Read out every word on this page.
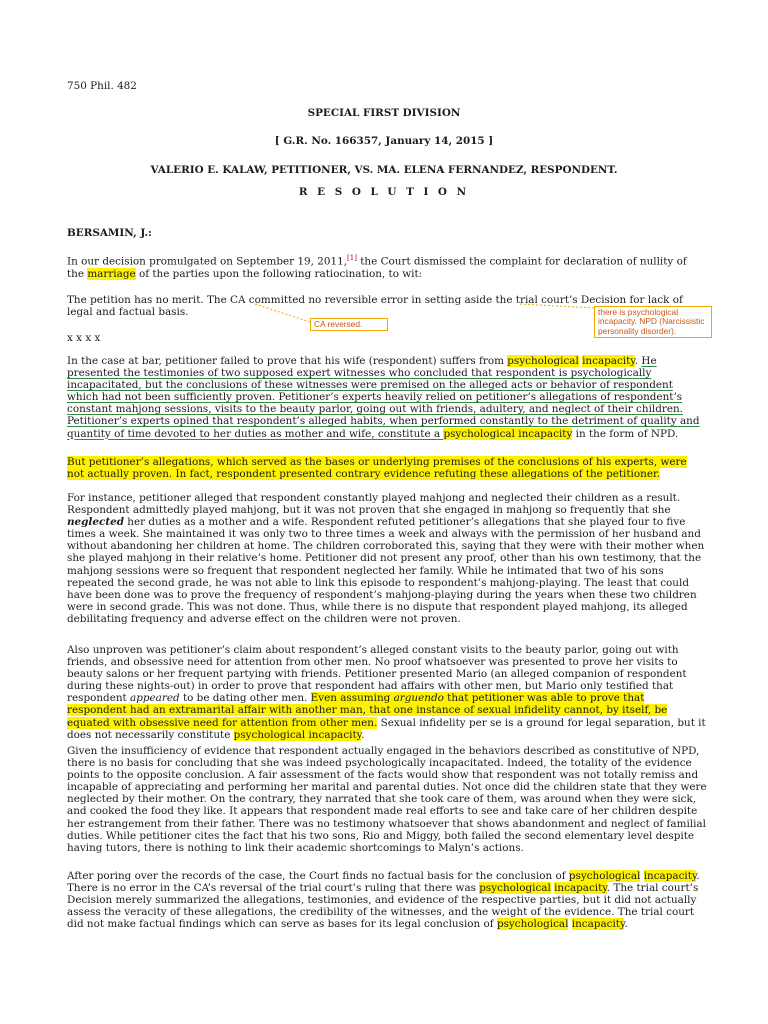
750 Phil. 482
SPECIAL FIRST DIVISION
[ G.R. No. 166357, January 14, 2015 ]
VALERIO E. KALAW, PETITIONER, VS. MA. ELENA FERNANDEZ, RESPONDENT.
R E S O L U T I O N
BERSAMIN, J.:

In our decision promulgated on September 19, 2011,[1] the Court dismissed the complaint for declaration of nullity of the marriage of the parties upon the following ratiocination, to wit:

The petition has no merit. The CA committed no reversible error in setting aside the trial court’s Decision for lack of legal and factual basis.

x x x x
CA reversed.
there is psychological incapacity. NPD (Narcissistic personality disorder).

In the case at bar, petitioner failed to prove that his wife (respondent) suffers from psychological incapacity. He presented the testimonies of two supposed expert witnesses who concluded that respondent is psychologically incapacitated, but the conclusions of these witnesses were premised on the alleged acts or behavior of respondent which had not been sufficiently proven. Petitioner’s experts heavily relied on petitioner’s allegations of respondent’s constant mahjong sessions, visits to the beauty parlor, going out with friends, adultery, and neglect of their children. Petitioner’s experts opined that respondent’s alleged habits, when performed constantly to the detriment of quality and quantity of time devoted to her duties as mother and wife, constitute a psychological incapacity in the form of NPD.

But petitioner’s allegations, which served as the bases or underlying premises of the conclusions of his experts, were not actually proven. In fact, respondent presented contrary evidence refuting these allegations of the petitioner.

For instance, petitioner alleged that respondent constantly played mahjong and neglected their children as a result. Respondent admittedly played mahjong, but it was not proven that she engaged in mahjong so frequently that she neglected her duties as a mother and a wife. Respondent refuted petitioner’s allegations that she played four to five times a week. She maintained it was only two to three times a week and always with the permission of her husband and without abandoning her children at home. The children corroborated this, saying that they were with their mother when she played mahjong in their relative’s home. Petitioner did not present any proof, other than his own testimony, that the mahjong sessions were so frequent that respondent neglected her family. While he intimated that two of his sons repeated the second grade, he was not able to link this episode to respondent’s mahjong-playing. The least that could have been done was to prove the frequency of respondent’s mahjong-playing during the years when these two children were in second grade. This was not done. Thus, while there is no dispute that respondent played mahjong, its alleged debilitating frequency and adverse effect on the children were not proven.

Also unproven was petitioner’s claim about respondent’s alleged constant visits to the beauty parlor, going out with friends, and obsessive need for attention from other men. No proof whatsoever was presented to prove her visits to beauty salons or her frequent partying with friends. Petitioner presented Mario (an alleged companion of respondent during these nights-out) in order to prove that respondent had affairs with other men, but Mario only testified that respondent appeared to be dating other men. Even assuming arguendo that petitioner was able to prove that respondent had an extramarital affair with another man, that one instance of sexual infidelity cannot, by itself, be equated with obsessive need for attention from other men. Sexual infidelity per se is a ground for legal separation, but it does not necessarily constitute psychological incapacity.

Given the insufficiency of evidence that respondent actually engaged in the behaviors described as constitutive of NPD, there is no basis for concluding that she was indeed psychologically incapacitated. Indeed, the totality of the evidence points to the opposite conclusion. A fair assessment of the facts would show that respondent was not totally remiss and incapable of appreciating and performing her marital and parental duties. Not once did the children state that they were neglected by their mother. On the contrary, they narrated that she took care of them, was around when they were sick, and cooked the food they like. It appears that respondent made real efforts to see and take care of her children despite her estrangement from their father. There was no testimony whatsoever that shows abandonment and neglect of familial duties. While petitioner cites the fact that his two sons, Rio and Miggy, both failed the second elementary level despite having tutors, there is nothing to link their academic shortcomings to Malyn’s actions.

After poring over the records of the case, the Court finds no factual basis for the conclusion of psychological incapacity. There is no error in the CA’s reversal of the trial court’s ruling that there was psychological incapacity. The trial court’s Decision merely summarized the allegations, testimonies, and evidence of the respective parties, but it did not actually assess the veracity of these allegations, the credibility of the witnesses, and the weight of the evidence. The trial court did not make factual findings which can serve as bases for its legal conclusion of psychological incapacity.
